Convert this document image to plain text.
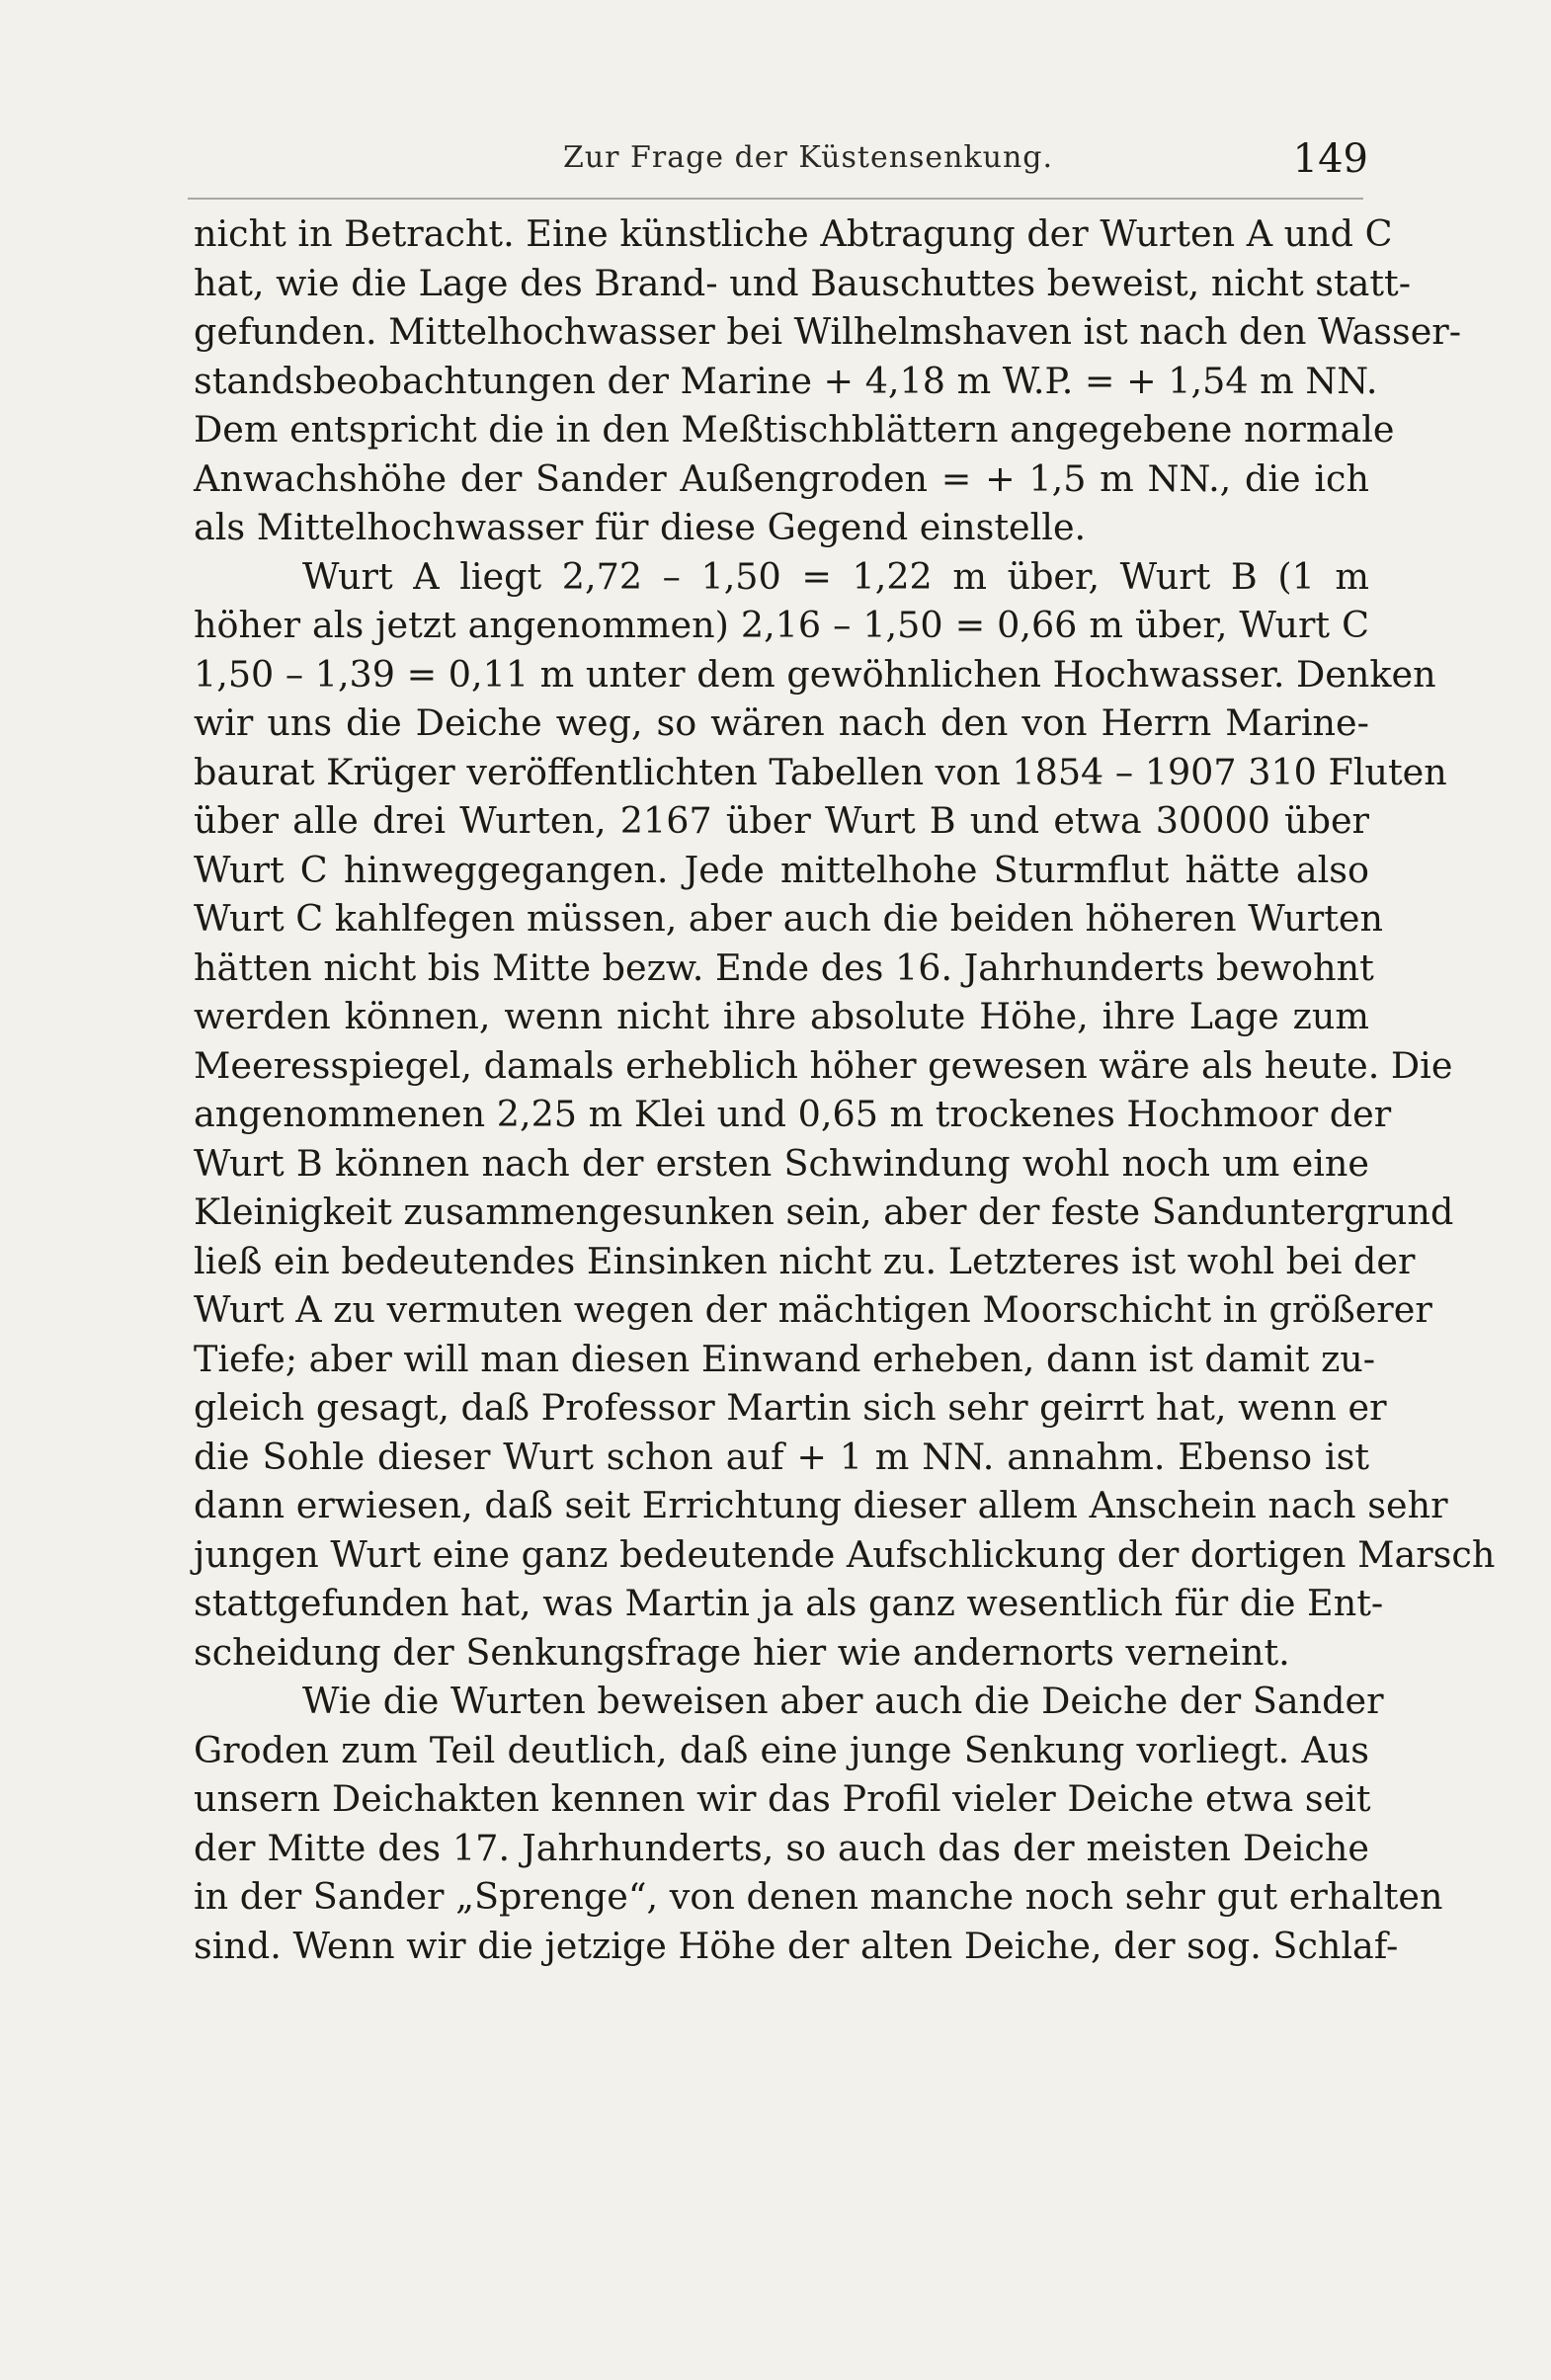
Zur Frage der Küstensenkung.	149
nicht in Betracht. Eine künstliche Abtragung der Wurten A und C
hat, wie die Lage des Brand- und Bauschuttes beweist, nicht statt-
gefunden. Mittelhochwasser bei Wilhelmshaven ist nach den Wasser-
standsbeobachtungen der Marine + 4,18 m W.P. = + 1,54 m NN.
Dem entspricht die in den Meßtischblättern angegebene normale
Anwachshöhe der Sander Außengroden = + 1,5 m NN., die ich
als Mittelhochwasser für diese Gegend einstelle.
Wurt A liegt 2,72 – 1,50 = 1,22 m über, Wurt B (1 m
höher als jetzt angenommen) 2,16 – 1,50 = 0,66 m über, Wurt C
1,50 – 1,39 = 0,11 m unter dem gewöhnlichen Hochwasser. Denken
wir uns die Deiche weg, so wären nach den von Herrn Marine-
baurat Krüger veröffentlichten Tabellen von 1854 – 1907 310 Fluten
über alle drei Wurten, 2167 über Wurt B und etwa 30000 über
Wurt C hinweggegangen. Jede mittelhohe Sturmflut hätte also
Wurt C kahlfegen müssen, aber auch die beiden höheren Wurten
hätten nicht bis Mitte bezw. Ende des 16. Jahrhunderts bewohnt
werden können, wenn nicht ihre absolute Höhe, ihre Lage zum
Meeresspiegel, damals erheblich höher gewesen wäre als heute. Die
angenommenen 2,25 m Klei und 0,65 m trockenes Hochmoor der
Wurt B können nach der ersten Schwindung wohl noch um eine
Kleinigkeit zusammengesunken sein, aber der feste Sanduntergrund
ließ ein bedeutendes Einsinken nicht zu. Letzteres ist wohl bei der
Wurt A zu vermuten wegen der mächtigen Moorschicht in größerer
Tiefe; aber will man diesen Einwand erheben, dann ist damit zu-
gleich gesagt, daß Professor Martin sich sehr geirrt hat, wenn er
die Sohle dieser Wurt schon auf + 1 m NN. annahm. Ebenso ist
dann erwiesen, daß seit Errichtung dieser allem Anschein nach sehr
jungen Wurt eine ganz bedeutende Aufschlickung der dortigen Marsch
stattgefunden hat, was Martin ja als ganz wesentlich für die Ent-
scheidung der Senkungsfrage hier wie andernorts verneint.
Wie die Wurten beweisen aber auch die Deiche der Sander
Groden zum Teil deutlich, daß eine junge Senkung vorliegt. Aus
unsern Deichakten kennen wir das Profil vieler Deiche etwa seit
der Mitte des 17. Jahrhunderts, so auch das der meisten Deiche
in der Sander „Sprenge“, von denen manche noch sehr gut erhalten
sind. Wenn wir die jetzige Höhe der alten Deiche, der sog. Schlaf-
